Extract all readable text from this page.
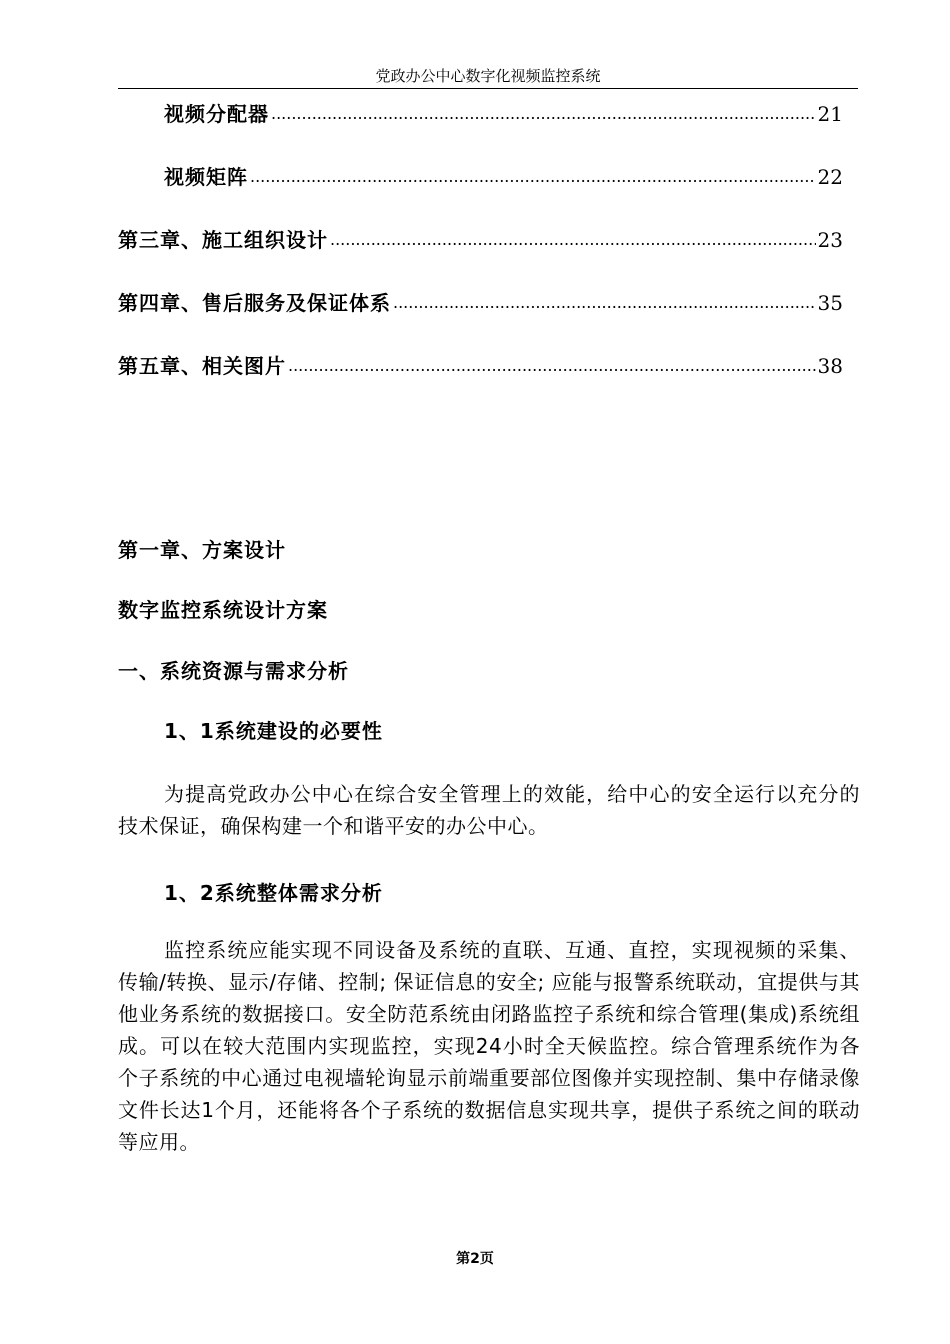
党政办公中心数字化视频监控系统
视频分配器 .....	21
视频矩阵 .....	22
第三章、施工组织设计 .....	23
第四章、售后服务及保证体系 .....	35
第五章、相关图片 .....	38
第一章、方案设计
数字监控系统设计方案
一、系统资源与需求分析
1、1系统建设的必要性
为提高党政办公中心在综合安全管理上的效能，给中心的安全运行以充分的技术保证，确保构建一个和谐平安的办公中心。
1、2系统整体需求分析
监控系统应能实现不同设备及系统的直联、互通、直控，实现视频的采集、传输/转换、显示/存储、控制; 保证信息的安全; 应能与报警系统联动，宜提供与其他业务系统的数据接口。安全防范系统由闭路监控子系统和综合管理(集成)系统组成。可以在较大范围内实现监控，实现24小时全天候监控。综合管理系统作为各个子系统的中心通过电视墙轮询显示前端重要部位图像并实现控制、集中存储录像文件长达1个月，还能将各个子系统的数据信息实现共享，提供子系统之间的联动等应用。
第2页
